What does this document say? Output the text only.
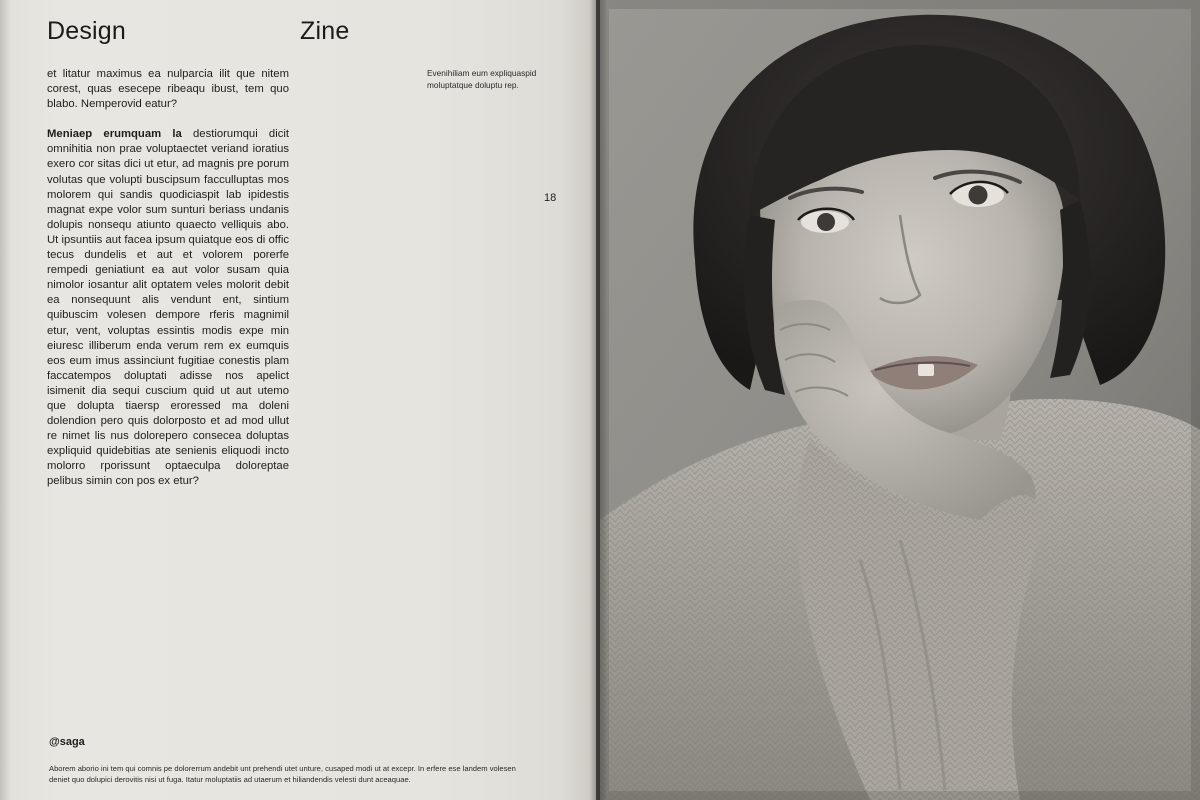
Design	Zine

et litatur maximus ea nulparcia ilit que nitem corest, quas esecepe ribeaqu ibust, tem quo blabo. Nemperovid eatur?

Meniaep erumquam la destiorumqui dicit omnihitia non prae voluptaectet veriand ioratius exero cor sitas dici ut etur, ad magnis pre porum volutas que volupti buscipsum facculluptas mos molorem qui sandis quodiciaspit lab ipidestis magnat expe volor sum sunturi beriass undanis dolupis nonsequ atiunto quaecto velliquis abo. Ut ipsuntiis aut facea ipsum quiatque eos di offic tecus dundelis et aut et volorem porerfe rempedi geniatiunt ea aut volor susam quia nimolor iosantur alit optatem veles molorit debit ea nonsequunt alis vendunt ent, sintium quibuscim volesen dempore rferis magnimil etur, vent, voluptas essintis modis expe min eiuresc illiberum enda verum rem ex eumquis eos eum imus assinciunt fugitiae conestis plam faccatempos doluptati adisse nos apelict isimenit dia sequi cuscium quid ut aut utemo que dolupta tiaersp eroressed ma doleni dolendion pero quis dolorposto et ad mod ullut re nimet lis nus dolorepero consecea doluptas expliquid quidebitias ate senienis eliquodi incto molorro rporissunt optaeculpa doloreptae pelibus simin con pos ex etur?

Evenihiliam eum expliquaspid moluptatque doluptu rep.
18
@saga
Aborem aborio ini tem qui comnis pe dolorerrum andebit unt prehendi utet unture, cusaped modi ut at excepr. In erfere ese landem volesen deniet quo dolupici derovitis nisi ut fuga. Itatur moluptatiis ad utaerum et hiliandendis velesti dunt aceaquae.
